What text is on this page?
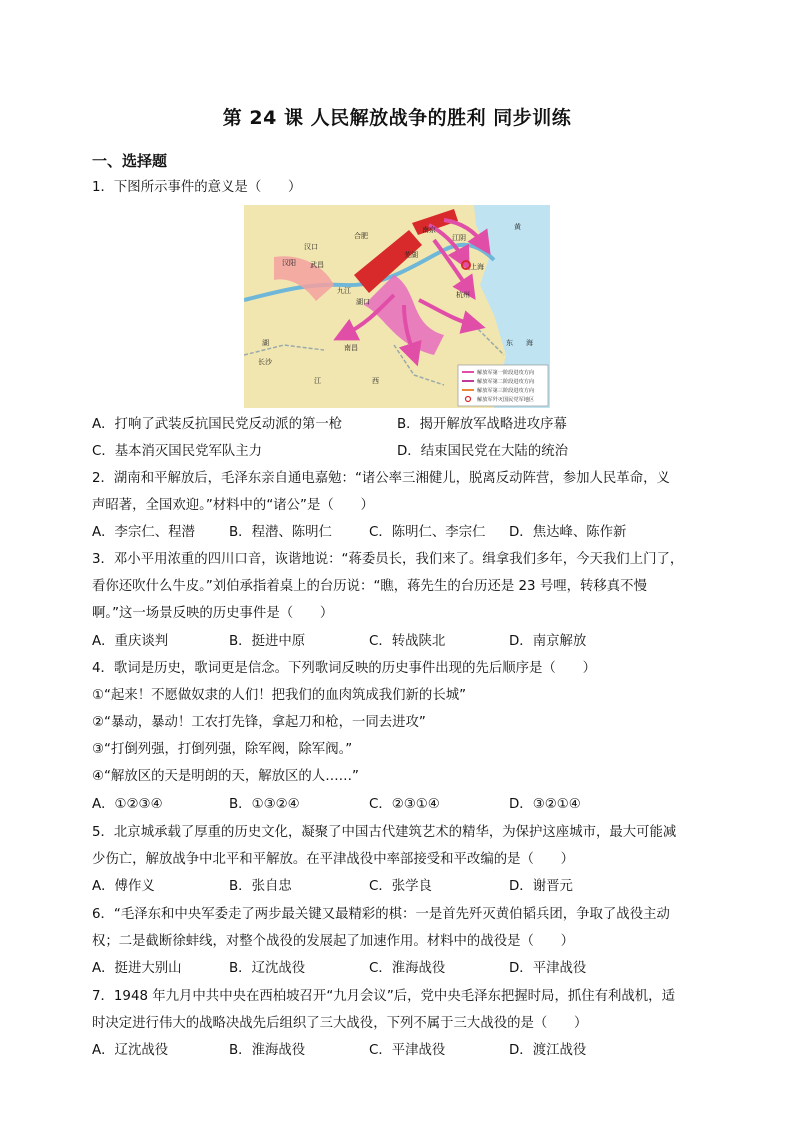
第 24 课 人民解放战争的胜利 同步训练
一、选择题
1．下图所示事件的意义是（　　）
合肥
南京
江阴
上海
汉口
汉阳 武昌
芜湖
杭州
九江
湖口
南昌
长沙
东 海
江	西
湖
黄
解放军第一阶段进攻方向
解放军第二阶段进攻方向
解放军第三阶段进攻方向
解放军歼灭国民党军地区
A．打响了武装反抗国民党反动派的第一枪	B．揭开解放军战略进攻序幕
C．基本消灭国民党军队主力	D．结束国民党在大陆的统治
2．湖南和平解放后，毛泽东亲自通电嘉勉：“诸公率三湘健儿，脱离反动阵营，参加人民革命，义
声昭著，全国欢迎。”材料中的“诸公”是（　　）
A．李宗仁、程潜	B．程潜、陈明仁	C．陈明仁、李宗仁 D．焦达峰、陈作新
3．邓小平用浓重的四川口音，诙谐地说：“蒋委员长，我们来了。缉拿我们多年，今天我们上门了，
看你还吹什么牛皮。”刘伯承指着桌上的台历说：“瞧，蒋先生的台历还是 23 号哩，转移真不慢
啊。”这一场景反映的历史事件是（　　）
A．重庆谈判	B．挺进中原	C．转战陕北	D．南京解放
4．歌词是历史，歌词更是信念。下列歌词反映的历史事件出现的先后顺序是（　　）
①“起来！不愿做奴隶的人们！把我们的血肉筑成我们新的长城”
②“暴动，暴动！工农打先锋，拿起刀和枪，一同去进攻”
③“打倒列强，打倒列强，除军阀，除军阀。”
④“解放区的天是明朗的天，解放区的人……”
A．①②③④	B．①③②④	C．②③①④	D．③②①④
5．北京城承载了厚重的历史文化，凝聚了中国古代建筑艺术的精华，为保护这座城市，最大可能减
少伤亡，解放战争中北平和平解放。在平津战役中率部接受和平改编的是（　　）
A．傅作义	B．张自忠	C．张学良	D．谢晋元
6．“毛泽东和中央军委走了两步最关键又最精彩的棋：一是首先歼灭黄伯韬兵团，争取了战役主动
权；二是截断徐蚌线，对整个战役的发展起了加速作用。材料中的战役是（　　）
A．挺进大别山	B．辽沈战役	C．淮海战役	D．平津战役
7．1948 年九月中共中央在西柏坡召开“九月会议”后，党中央毛泽东把握时局，抓住有利战机，适
时决定进行伟大的战略决战先后组织了三大战役，下列不属于三大战役的是（　　）
A．辽沈战役	B．淮海战役	C．平津战役	D．渡江战役
